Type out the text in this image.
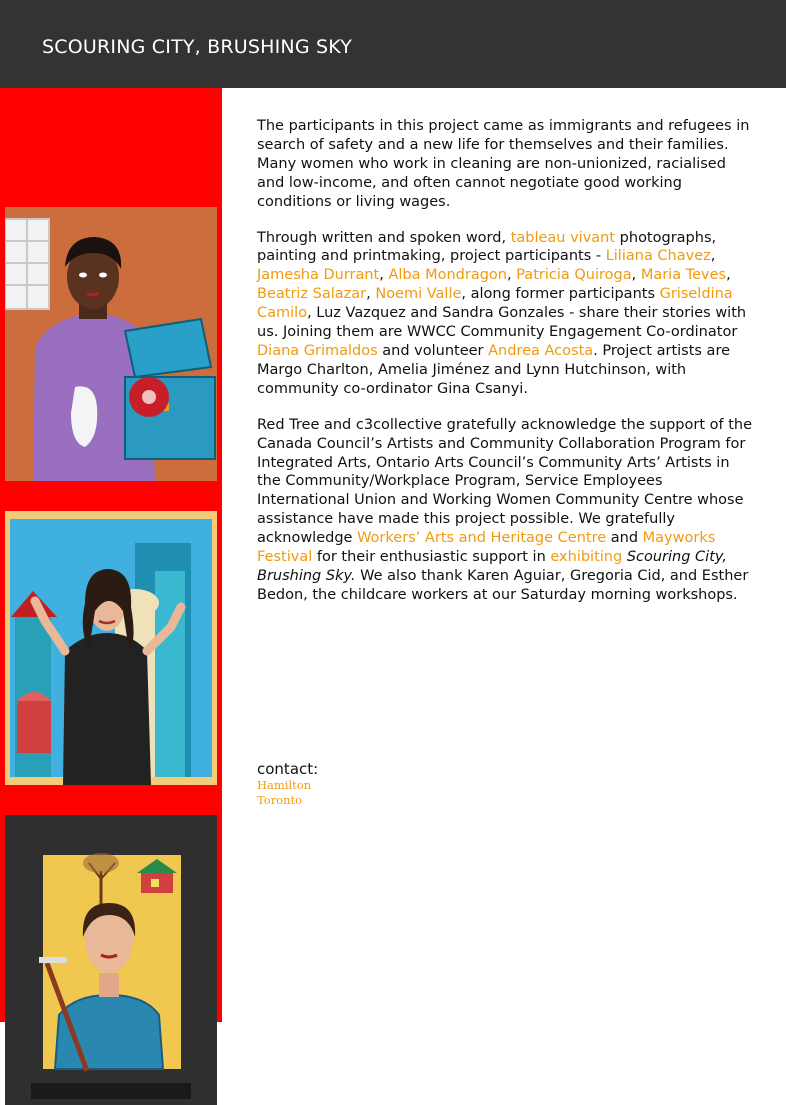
SCOURING CITY, BRUSHING SKY

The participants in this project came as immigrants and refugees in search of safety and a new life for themselves and their families. Many women who work in cleaning are non-unionized, racialised and low-income, and often cannot negotiate good working conditions or living wages.

Through written and spoken word, tableau vivant photographs, painting and printmaking, project participants - Liliana Chavez, Jamesha Durrant, Alba Mondragon, Patricia Quiroga, Maria Teves, Beatriz Salazar, Noemi Valle, along former participants Griseldina Camilo, Luz Vazquez and Sandra Gonzales - share their stories with us. Joining them are WWCC Community Engagement Co-ordinator Diana Grimaldos and volunteer Andrea Acosta. Project artists are Margo Charlton, Amelia Jiménez and Lynn Hutchinson, with community co-ordinator Gina Csanyi.

Red Tree and c3collective gratefully acknowledge the support of the Canada Council’s Artists and Community Collaboration Program for Integrated Arts, Ontario Arts Council’s Community Arts’ Artists in the Community/Workplace Program, Service Employees International Union and Working Women Community Centre whose assistance have made this project possible. We gratefully acknowledge Workers’ Arts and Heritage Centre and Mayworks Festival for their enthusiastic support in exhibiting Scouring City, Brushing Sky. We also thank Karen Aguiar, Gregoria Cid, and Esther Bedon, the childcare workers at our Saturday morning workshops.

contact:
Hamilton
Toronto
